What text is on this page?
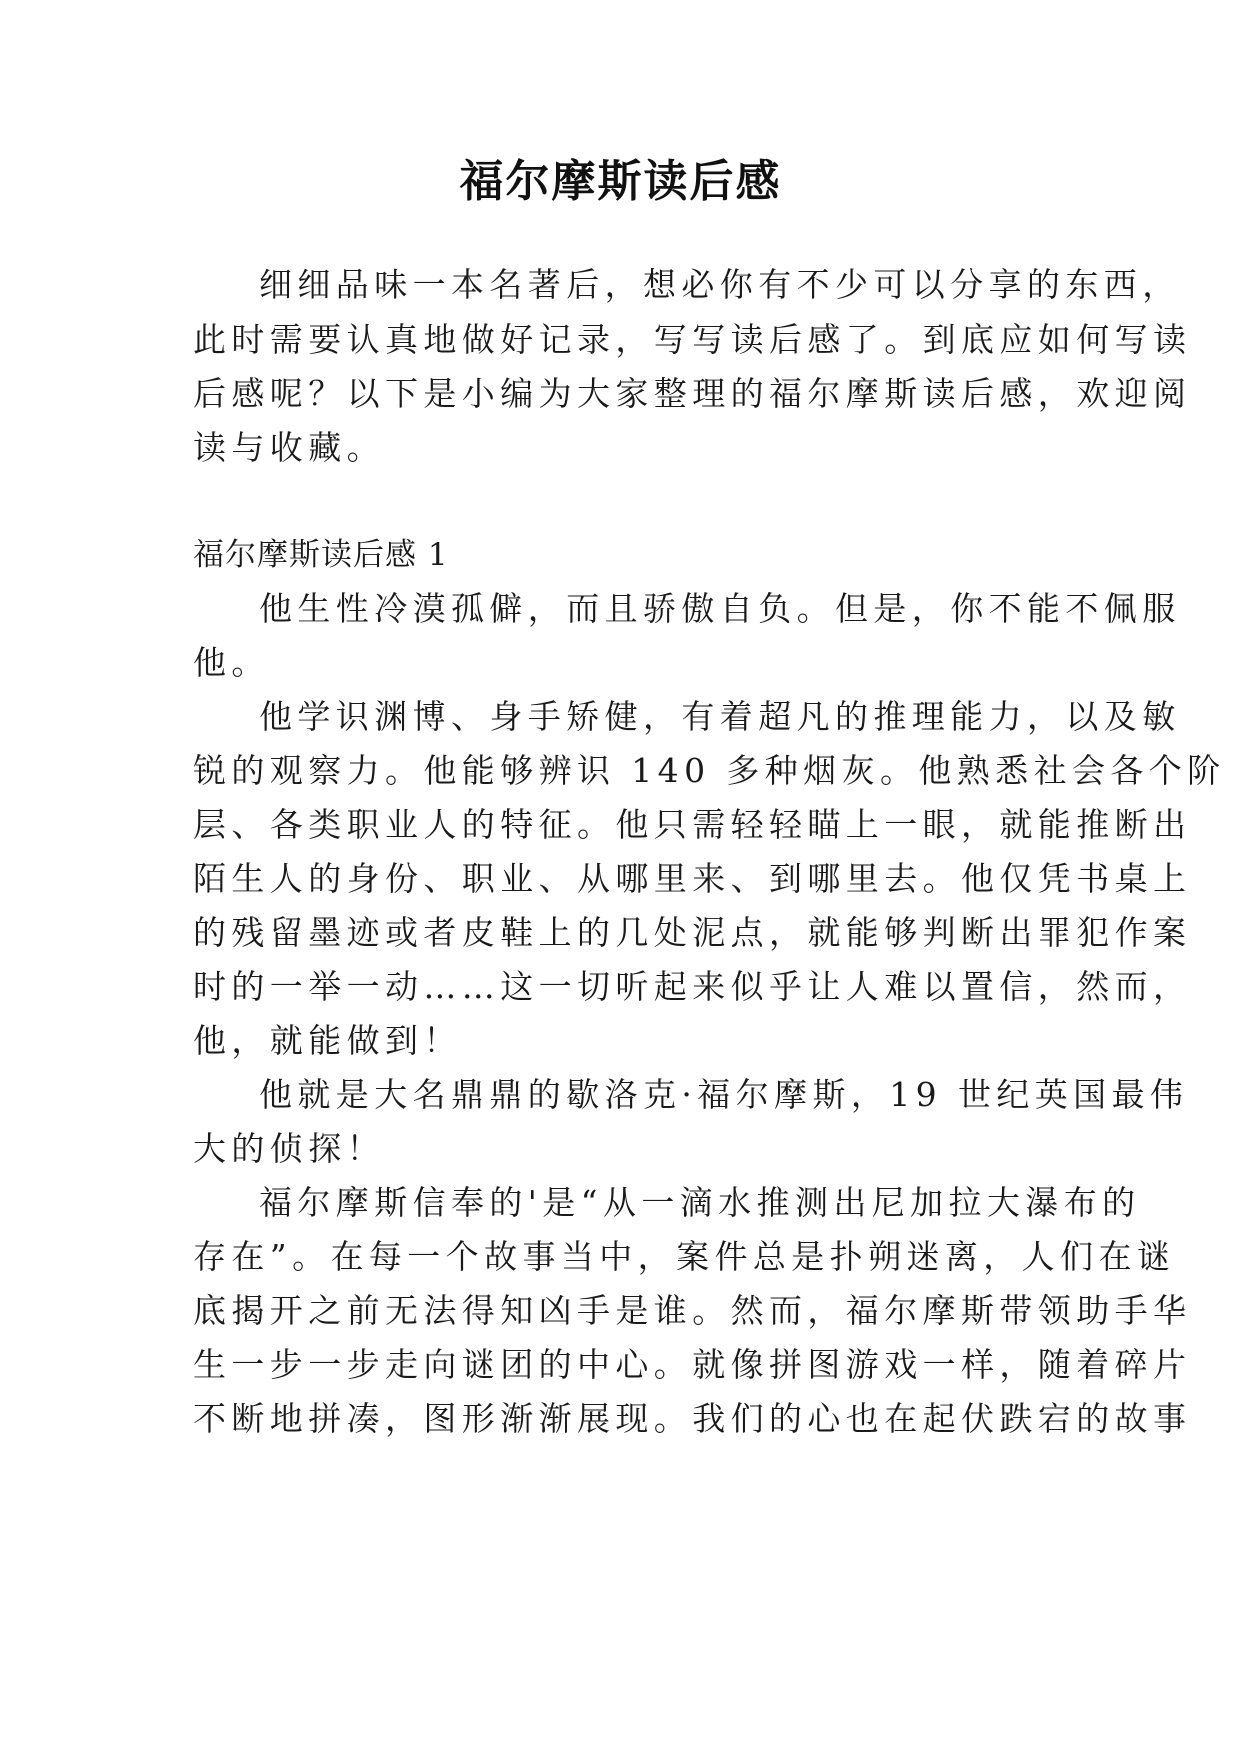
福尔摩斯读后感
细细品味一本名著后，想必你有不少可以分享的东西，
此时需要认真地做好记录，写写读后感了。到底应如何写读
后感呢？以下是小编为大家整理的福尔摩斯读后感，欢迎阅
读与收藏。
福尔摩斯读后感 1
他生性冷漠孤僻，而且骄傲自负。但是，你不能不佩服
他。
他学识渊博、身手矫健，有着超凡的推理能力，以及敏
锐的观察力。他能够辨识 140 多种烟灰。他熟悉社会各个阶
层、各类职业人的特征。他只需轻轻瞄上一眼，就能推断出
陌生人的身份、职业、从哪里来、到哪里去。他仅凭书桌上
的残留墨迹或者皮鞋上的几处泥点，就能够判断出罪犯作案
时的一举一动……这一切听起来似乎让人难以置信，然而，
他，就能做到！
他就是大名鼎鼎的歇洛克·福尔摩斯，19 世纪英国最伟
大的侦探！
福尔摩斯信奉的'是“从一滴水推测出尼加拉大瀑布的
存在”。在每一个故事当中，案件总是扑朔迷离，人们在谜
底揭开之前无法得知凶手是谁。然而，福尔摩斯带领助手华
生一步一步走向谜团的中心。就像拼图游戏一样，随着碎片
不断地拼凑，图形渐渐展现。我们的心也在起伏跌宕的故事
